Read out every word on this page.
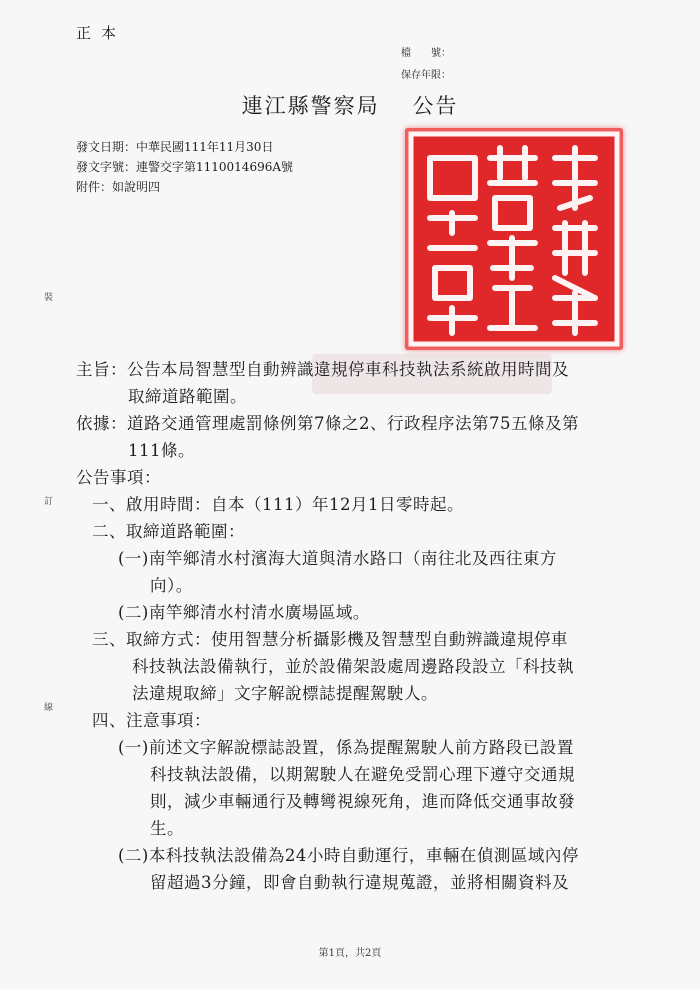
正本
檔　　號：
保存年限：
連江縣警察局 公告
發文日期：中華民國111年11月30日
發文字號：連警交字第1110014696A號
附件：如說明四
裝
訂
線
主旨：公告本局智慧型自動辨識違規停車科技執法系統啟用時間及
取締道路範圍。
依據：道路交通管理處罰條例第7條之2、行政程序法第75五條及第
111條。
公告事項：
一、啟用時間：自本（111）年12月1日零時起。
二、取締道路範圍：
(一)南竿鄉清水村濱海大道與清水路口（南往北及西往東方
向）。
(二)南竿鄉清水村清水廣場區域。
三、取締方式：使用智慧分析攝影機及智慧型自動辨識違規停車
科技執法設備執行，並於設備架設處周邊路段設立「科技執
法違規取締」文字解說標誌提醒駕駛人。
四、注意事項：
(一)前述文字解說標誌設置，係為提醒駕駛人前方路段已設置
科技執法設備，以期駕駛人在避免受罰心理下遵守交通規
則，減少車輛通行及轉彎視線死角，進而降低交通事故發
生。
(二)本科技執法設備為24小時自動運行，車輛在偵測區域內停
留超過3分鐘，即會自動執行違規蒐證，並將相關資料及
第1頁，共2頁
